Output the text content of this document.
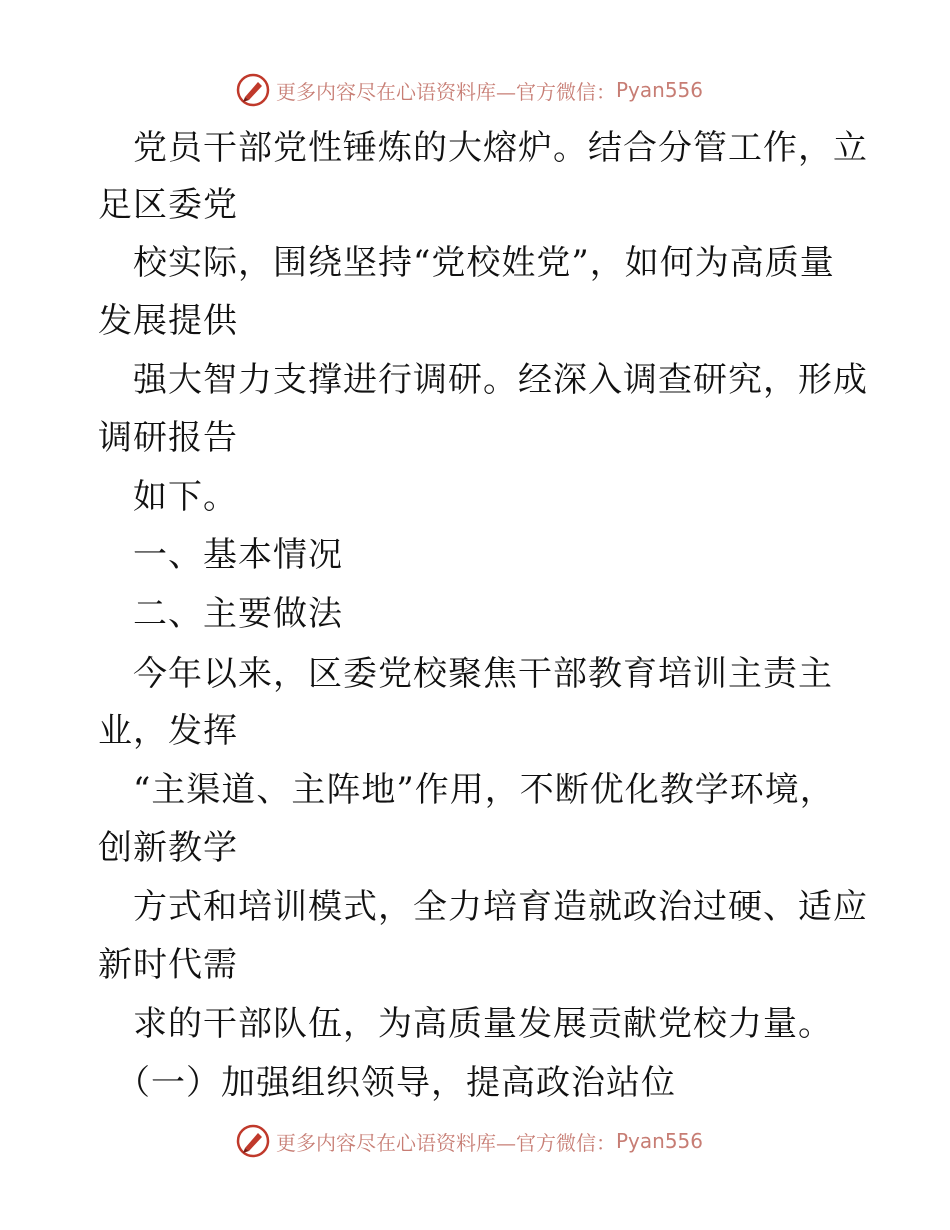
更多内容尽在心语资料库—官方微信： Pyan556
　党员干部党性锤炼的大熔炉。结合分管工作，立
足区委党
　校实际，围绕坚持“党校姓党”，如何为高质量
发展提供
　强大智力支撑进行调研。经深入调查研究，形成
调研报告
　如下。
　一、基本情况
　二、主要做法
　今年以来，区委党校聚焦干部教育培训主责主
业，发挥
　“主渠道、主阵地”作用，不断优化教学环境，
创新教学
　方式和培训模式，全力培育造就政治过硬、适应
新时代需
　求的干部队伍，为高质量发展贡献党校力量。
　（一）加强组织领导，提高政治站位
更多内容尽在心语资料库—官方微信： Pyan556
